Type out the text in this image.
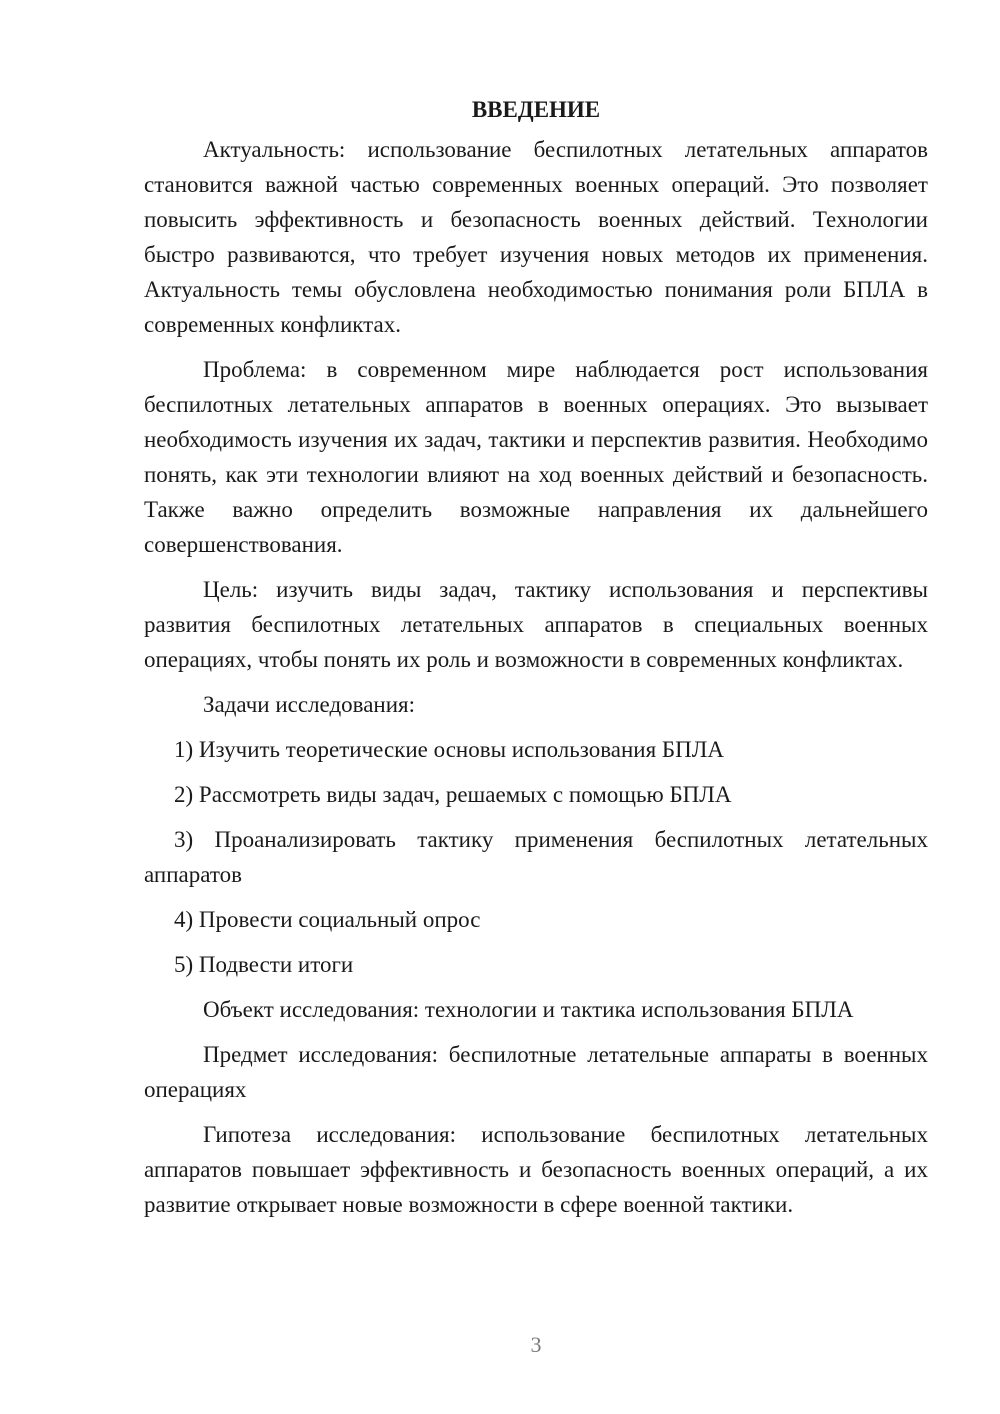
ВВЕДЕНИЕ

Актуальность: использование беспилотных летательных аппаратов становится важной частью современных военных операций. Это позволяет повысить эффективность и безопасность военных действий. Технологии быстро развиваются, что требует изучения новых методов их применения. Актуальность темы обусловлена необходимостью понимания роли БПЛА в современных конфликтах.

Проблема: в современном мире наблюдается рост использования беспилотных летательных аппаратов в военных операциях. Это вызывает необходимость изучения их задач, тактики и перспектив развития. Необходимо понять, как эти технологии влияют на ход военных действий и безопасность. Также важно определить возможные направления их дальнейшего совершенствования.

Цель: изучить виды задач, тактику использования и перспективы развития беспилотных летательных аппаратов в специальных военных операциях, чтобы понять их роль и возможности в современных конфликтах.

Задачи исследования:

1) Изучить теоретические основы использования БПЛА

2) Рассмотреть виды задач, решаемых с помощью БПЛА

3) Проанализировать тактику применения беспилотных летательных аппаратов

4) Провести социальный опрос

5) Подвести итоги

Объект исследования: технологии и тактика использования БПЛА

Предмет исследования: беспилотные летательные аппараты в военных операциях

Гипотеза исследования: использование беспилотных летательных аппаратов повышает эффективность и безопасность военных операций, а их развитие открывает новые возможности в сфере военной тактики.

3
